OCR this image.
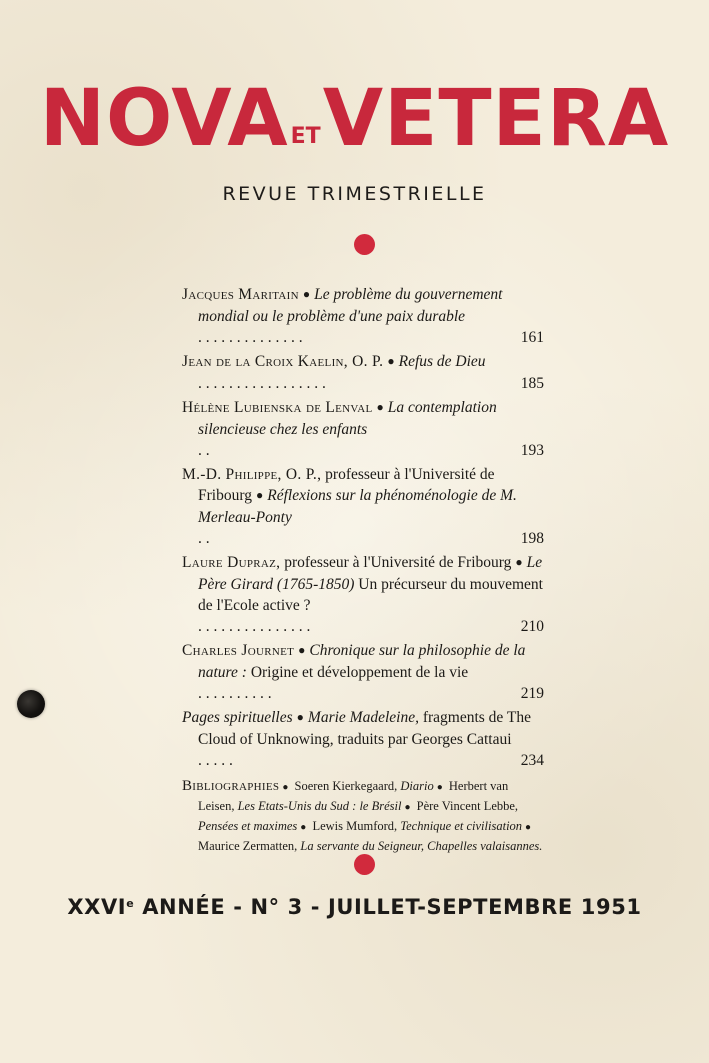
NOVAETVETERA
REVUE TRIMESTRIELLE
Jacques Maritain ● Le problème du gouvernement mondial ou le problème d'une paix durable
. . . . . . . . . . . . . .	161
Jean de la Croix Kaelin, O. P. ● Refus de Dieu
. . . . . . . . . . . . . . . . .	185
Hélène Lubienska de Lenval ● La contemplation silencieuse chez les enfants
. .	193
M.-D. Philippe, O. P., professeur à l'Université de Fribourg ● Réflexions sur la phénoménologie de M. Merleau-Ponty
. .	198
Laure Dupraz, professeur à l'Université de Fribourg ● Le Père Girard (1765-1850) Un précurseur du mouvement de l'Ecole active ?
. . . . . . . . . . . . . . .	210
Charles Journet ● Chronique sur la philosophie de la nature : Origine et développement de la vie
. . . . . . . . . .	219
Pages spirituelles ● Marie Madeleine, fragments de The Cloud of Unknowing, traduits par Georges Cattaui
. . . . .	234
Bibliographies ● Soeren Kierkegaard, Diario ● Herbert van Leisen, Les Etats-Unis du Sud : le Brésil ● Père Vincent Lebbe, Pensées et maximes ● Lewis Mumford, Technique et civilisation ● Maurice Zermatten, La servante du Seigneur, Chapelles valaisannes.
XXVIe ANNÉE - N° 3 - JUILLET-SEPTEMBRE 1951
